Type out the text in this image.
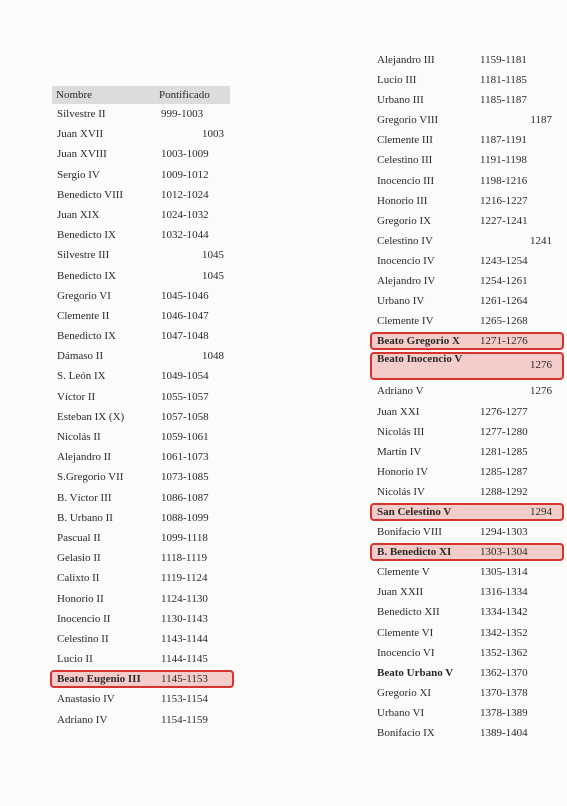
Nombre	Pontificado
Silvestre II	999-1003
Juan XVII	1003
Juan XVIII	1003-1009
Sergio IV	1009-1012
Benedicto VIII	1012-1024
Juan XIX	1024-1032
Benedicto IX	1032-1044
Silvestre III	1045
Benedicto IX	1045
Gregorio VI	1045-1046
Clemente II	1046-1047
Benedicto IX	1047-1048
Dámaso II	1048
S. León IX	1049-1054
Víctor II	1055-1057
Esteban IX (X)	1057-1058
Nicolás II	1059-1061
Alejandro II	1061-1073
S.Gregorio VII	1073-1085
B. Víctor III	1086-1087
B. Urbano II	1088-1099
Pascual II	1099-1118
Gelasio II	1118-1119
Calixto II	1119-1124
Honorio II	1124-1130
Inocencio II	1130-1143
Celestino II	1143-1144
Lucio II	1144-1145
Beato Eugenio III 1145-1153
Anastasio IV	1153-1154
Adriano IV	1154-1159
Alejandro III	1159-1181
Lucio III	1181-1185
Urbano III	1185-1187
Gregorio VIII	1187
Clemente III	1187-1191
Celestino III	1191-1198
Inocencio III	1198-1216
Honorio III	1216-1227
Gregorio IX	1227-1241
Celestino IV	1241
Inocencio IV	1243-1254
Alejandro IV	1254-1261
Urbano IV	1261-1264
Clemente IV	1265-1268
Beato Gregorio X 1271-1276
Beato Inocencio V	1276
Adriano V	1276
Juan XXI	1276-1277
Nicolás III	1277-1280
Martín IV	1281-1285
Honorio IV	1285-1287
Nicolás IV	1288-1292
San Celestino V	1294
Bonifacio VIII	1294-1303
B. Benedicto XI	1303-1304
Clemente V	1305-1314
Juan XXII	1316-1334
Benedicto XII	1334-1342
Clemente VI	1342-1352
Inocencio VI	1352-1362
Beato Urbano V 1362-1370
Gregorio XI	1370-1378
Urbano VI	1378-1389
Bonifacio IX	1389-1404
